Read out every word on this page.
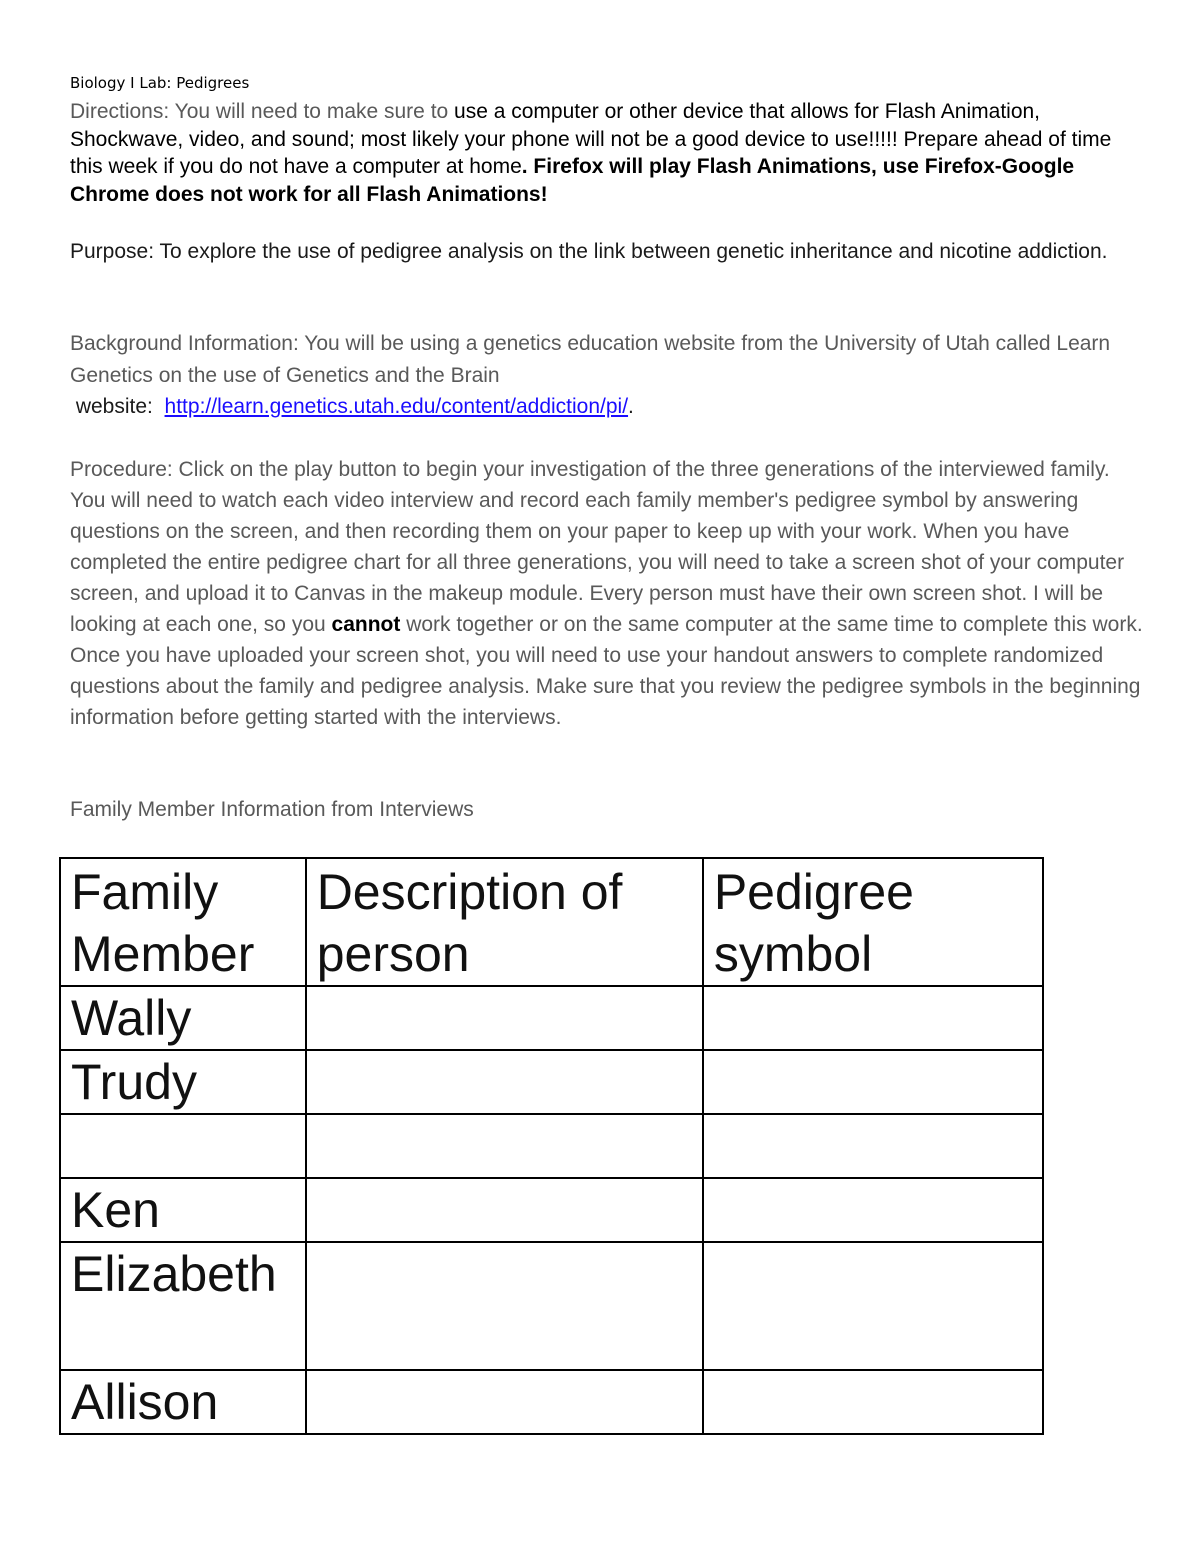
Biology I Lab: Pedigrees
Directions: You will need to make sure to use a computer or other device that allows for Flash Animation, Shockwave, video, and sound; most likely your phone will not be a good device to use!!!!! Prepare ahead of time this week if you do not have a computer at home. Firefox will play Flash Animations, use Firefox-Google Chrome does not work for all Flash Animations!
Purpose: To explore the use of pedigree analysis on the link between genetic inheritance and nicotine addiction.
Background Information: You will be using a genetics education website from the University of Utah called Learn Genetics on the use of Genetics and the Brain
website:  http://learn.genetics.utah.edu/content/addiction/pi/.
Procedure: Click on the play button to begin your investigation of the three generations of the interviewed family. You will need to watch each video interview and record each family member's pedigree symbol by answering questions on the screen, and then recording them on your paper to keep up with your work. When you have completed the entire pedigree chart for all three generations, you will need to take a screen shot of your computer screen, and upload it to Canvas in the makeup module. Every person must have their own screen shot. I will be looking at each one, so you cannot work together or on the same computer at the same time to complete this work. Once you have uploaded your screen shot, you will need to use your handout answers to complete randomized questions about the family and pedigree analysis. Make sure that you review the pedigree symbols in the beginning information before getting started with the interviews.
Family Member Information from Interviews
Family Member	Description of person	Pedigree symbol
Wally		
Trudy		

Ken		
Elizabeth		
Allison		
